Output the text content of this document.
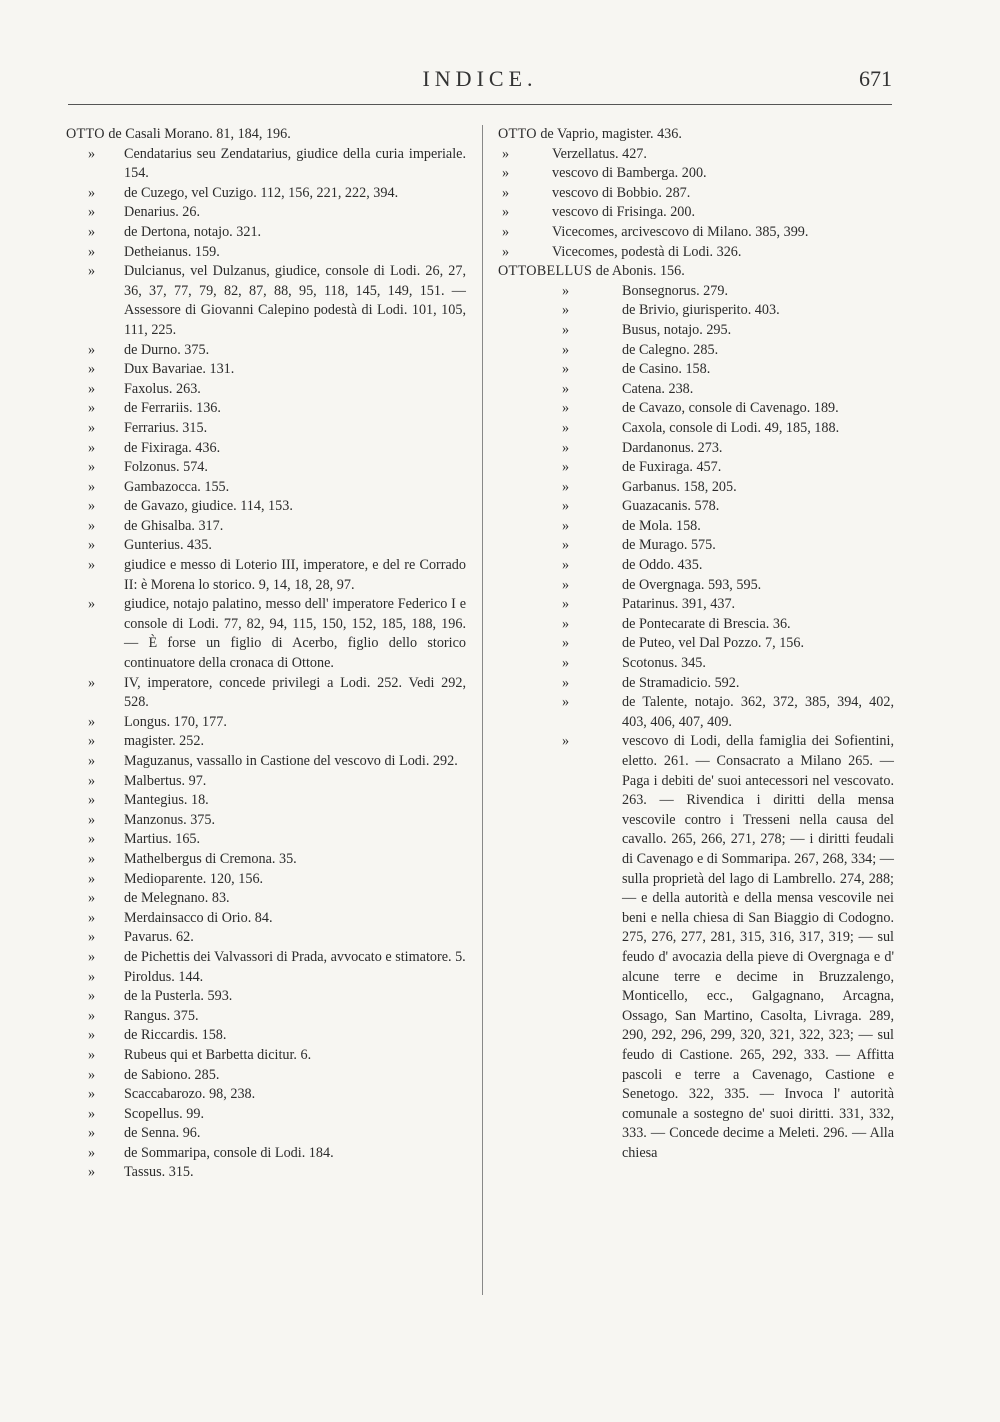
INDICE.	671
OTTO de Casali Morano. 81, 184, 196.
» Cendatarius seu Zendatarius, giudice della curia imperiale. 154.
» de Cuzego, vel Cuzigo. 112, 156, 221, 222, 394.
» Denarius. 26.
» de Dertona, notajo. 321.
» Detheianus. 159.
» Dulcianus, vel Dulzanus, giudice, console di Lodi. 26, 27, 36, 37, 77, 79, 82, 87, 88, 95, 118, 145, 149, 151. — Assessore di Giovanni Calepino podestà di Lodi. 101, 105, 111, 225.
» de Durno. 375.
» Dux Bavariae. 131.
» Faxolus. 263.
» de Ferrariis. 136.
» Ferrarius. 315.
» de Fixiraga. 436.
» Folzonus. 574.
» Gambazocca. 155.
» de Gavazo, giudice. 114, 153.
» de Ghisalba. 317.
» Gunterius. 435.
» giudice e messo di Loterio III, imperatore, e del re Corrado II: è Morena lo storico. 9, 14, 18, 28, 97.
» giudice, notajo palatino, messo dell' imperatore Federico I e console di Lodi. 77, 82, 94, 115, 150, 152, 185, 188, 196. — È forse un figlio di Acerbo, figlio dello storico continuatore della cronaca di Ottone.
» IV, imperatore, concede privilegi a Lodi. 252. Vedi 292, 528.
» Longus. 170, 177.
» magister. 252.
» Maguzanus, vassallo in Castione del vescovo di Lodi. 292.
» Malbertus. 97.
» Mantegius. 18.
» Manzonus. 375.
» Martius. 165.
» Mathelbergus di Cremona. 35.
» Medioparente. 120, 156.
» de Melegnano. 83.
» Merdainsacco di Orio. 84.
» Pavarus. 62.
» de Pichettis dei Valvassori di Prada, avvocato e stimatore. 5.
» Piroldus. 144.
» de la Pusterla. 593.
» Rangus. 375.
» de Riccardis. 158.
» Rubeus qui et Barbetta dicitur. 6.
» de Sabiono. 285.
» Scaccabarozo. 98, 238.
» Scopellus. 99.
» de Senna. 96.
» de Sommaripa, console di Lodi. 184.
» Tassus. 315.
OTTO de Vaprio, magister. 436.
»	Verzellatus. 427.
»	vescovo di Bamberga. 200.
»	vescovo di Bobbio. 287.
»	vescovo di Frisinga. 200.
»	Vicecomes, arcivescovo di Milano. 385, 399.
»	Vicecomes, podestà di Lodi. 326.
OTTOBELLUS de Abonis. 156.
»	Bonsegnorus. 279.
»	de Brivio, giurisperito. 403.
»	Busus, notajo. 295.
»	de Calegno. 285.
»	de Casino. 158.
»	Catena. 238.
»	de Cavazo, console di Cavenago. 189.
»	Caxola, console di Lodi. 49, 185, 188.
»	Dardanonus. 273.
»	de Fuxiraga. 457.
»	Garbanus. 158, 205.
»	Guazacanis. 578.
»	de Mola. 158.
»	de Murago. 575.
»	de Oddo. 435.
»	de Overgnaga. 593, 595.
»	Patarinus. 391, 437.
»	de Pontecarate di Brescia. 36.
»	de Puteo, vel Dal Pozzo. 7, 156.
»	Scotonus. 345.
»	de Stramadicio. 592.
»	de Talente, notajo. 362, 372, 385, 394, 402, 403, 406, 407, 409.
»	vescovo di Lodi, della famiglia dei Sofientini, eletto. 261. — Consacrato a Milano 265. — Paga i debiti de' suoi antecessori nel vescovato. 263. — Rivendica i diritti della mensa vescovile contro i Tresseni nella causa del cavallo. 265, 266, 271, 278; — i diritti feudali di Cavenago e di Sommaripa. 267, 268, 334; — sulla proprietà del lago di Lambrello. 274, 288; — e della autorità e della mensa vescovile nei beni e nella chiesa di San Biaggio di Codogno. 275, 276, 277, 281, 315, 316, 317, 319; — sul feudo d' avocazia della pieve di Overgnaga e d' alcune terre e decime in Bruzzalengo, Monticello, ecc., Galgagnano, Arcagna, Ossago, San Martino, Casolta, Livraga. 289, 290, 292, 296, 299, 320, 321, 322, 323; — sul feudo di Castione. 265, 292, 333. — Affitta pascoli e terre a Cavenago, Castione e Senetogo. 322, 335. — Invoca l' autorità comunale a sostegno de' suoi diritti. 331, 332, 333. — Concede decime a Meleti. 296. — Alla chiesa
